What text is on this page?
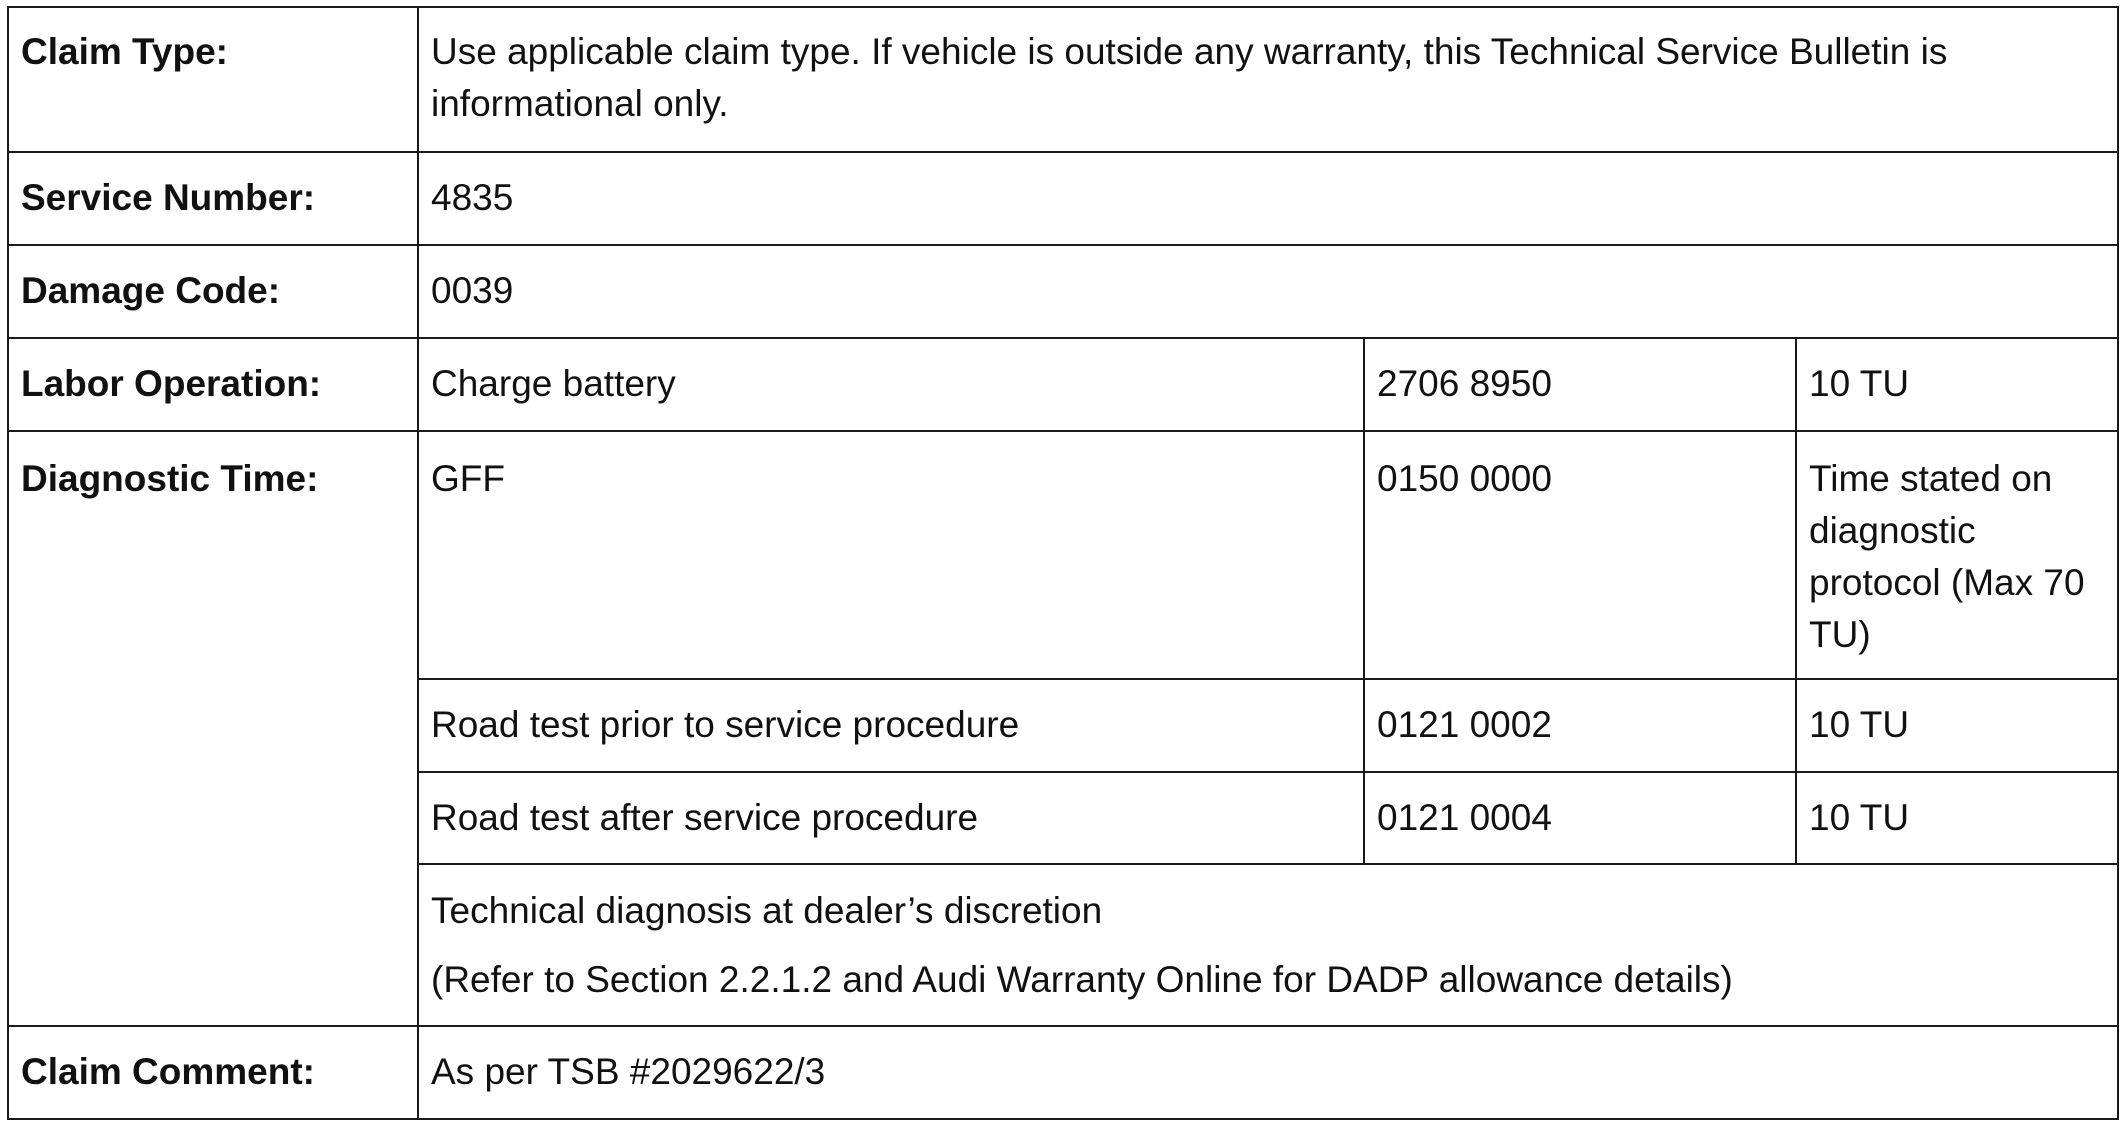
Claim Type:	Use applicable claim type. If vehicle is outside any warranty, this Technical Service Bulletin is informational only.		
Service Number:	4835		
Damage Code:	0039		
Labor Operation:	Charge battery	2706 8950	10 TU
Diagnostic Time:	GFF	0150 0000	Time stated on diagnostic protocol (Max 70 TU)
	Road test prior to service procedure	0121 0002	10 TU
	Road test after service procedure	0121 0004	10 TU

	Technical diagnosis at dealer’s discretion
(Refer to Section 2.2.1.2 and Audi Warranty Online for DADP allowance details)		

Claim Comment:	As per TSB #2029622/3		
